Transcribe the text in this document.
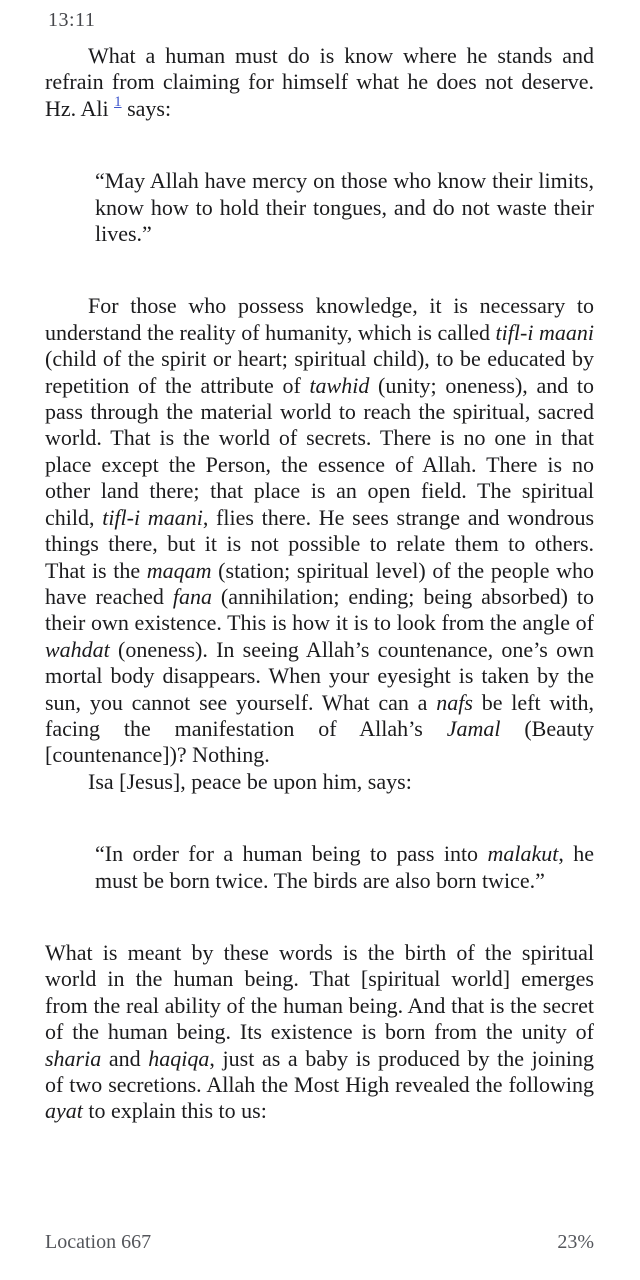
13:11

What a human must do is know where he stands and refrain from claiming for himself what he does not deserve. Hz. Ali $^1$ says:

“May Allah have mercy on those who know their limits, know how to hold their tongues, and do not waste their lives.”

For those who possess knowledge, it is necessary to understand the reality of humanity, which is called tifl-i maani (child of the spirit or heart; spiritual child), to be educated by repetition of the attribute of tawhid (unity; oneness), and to pass through the material world to reach the spiritual, sacred world. That is the world of secrets. There is no one in that place except the Person, the essence of Allah. There is no other land there; that place is an open field. The spiritual child, tifl-i maani, flies there. He sees strange and wondrous things there, but it is not possible to relate them to others. That is the maqam (station; spiritual level) of the people who have reached fana (annihilation; ending; being absorbed) to their own existence. This is how it is to look from the angle of wahdat (oneness). In seeing Allah’s countenance, one’s own mortal body disappears. When your eyesight is taken by the sun, you cannot see yourself. What can a nafs be left with, facing the manifestation of Allah’s Jamal (Beauty [countenance])? Nothing.

Isa [Jesus], peace be upon him, says:

“In order for a human being to pass into malakut, he must be born twice. The birds are also born twice.”

What is meant by these words is the birth of the spiritual world in the human being. That [spiritual world] emerges from the real ability of the human being. And that is the secret of the human being. Its existence is born from the unity of sharia and haqiqa, just as a baby is produced by the joining of two secretions. Allah the Most High revealed the following ayat to explain this to us:

Location 667	23%
